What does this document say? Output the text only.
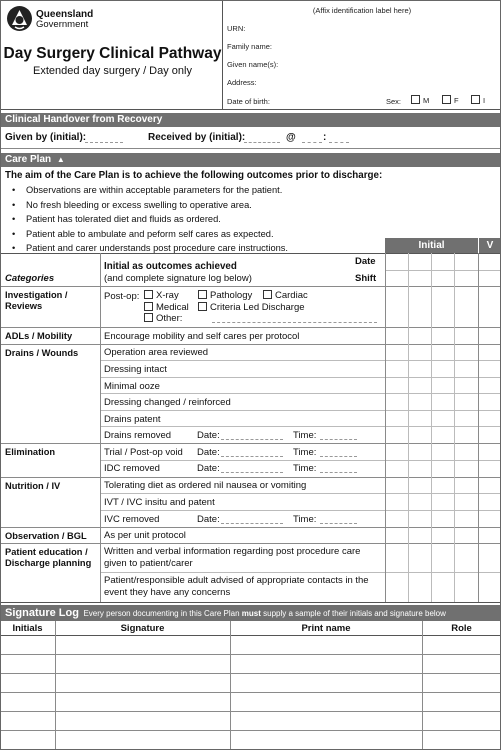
Queensland
Government
Day Surgery Clinical Pathway
Extended day surgery / Day only
(Affix identification label here)
URN:
Family name:
Given name(s):
Address:
Date of birth:	Sex:	M	F	I
Clinical Handover from Recovery
Given by (initial):	Received by (initial):	@	:
Care Plan ▲
The aim of the Care Plan is to achieve the following outcomes prior to discharge:
• Observations are within acceptable parameters for the patient.
• No fresh bleeding or excess swelling to operative area.
• Patient has tolerated diet and fluids as ordered.
• Patient able to ambulate and peform self cares as expected.
• Patient and carer understands post procedure care instructions.	Initial	V
Categories
Initial as outcomes achieved
(and complete signature log below)
Date
Shift
Investigation / Reviews
Post-op:	X-ray	Pathology	Cardiac
Medical	Criteria Led Discharge
Other:
ADLs / Mobility	Encourage mobility and self cares per protocol
Drains / Wounds	Operation area reviewed
Dressing intact
Minimal ooze
Dressing changed / reinforced
Drains patent
Drains removed	Date:	Time:
Elimination	Trial / Post-op void Date:	Time:
IDC removed	Date:	Time:
Nutrition / IV	Tolerating diet as ordered nil nausea or vomiting
IVT / IVC insitu and patent
IVC removed	Date:	Time:
Observation / BGL As per unit protocol
Patient education / Discharge planning
Written and verbal information regarding post procedure care
given to patient/carer
Patient/responsible adult advised of appropriate contacts in the
event they have any concerns
Signature Log Every person documenting in this Care Plan must supply a sample of their initials and signature below
Initials	Signature	Print name	Role
